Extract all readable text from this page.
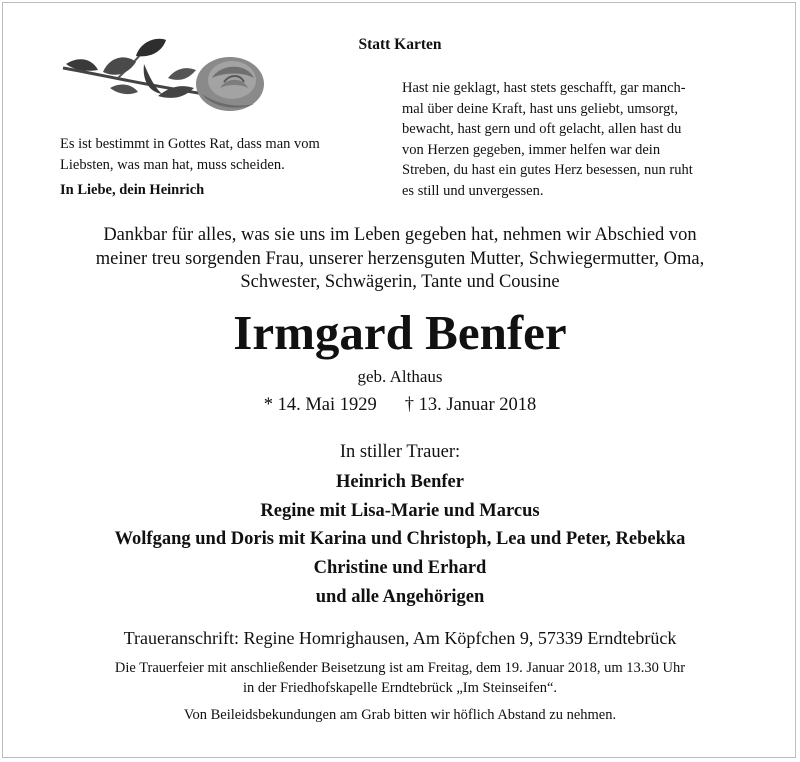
Statt Karten
Es ist bestimmt in Gottes Rat, dass man vom
Liebsten, was man hat, muss scheiden.
In Liebe, dein Heinrich
Hast nie geklagt, hast stets geschafft, gar manch-
mal über deine Kraft, hast uns geliebt, umsorgt,
bewacht, hast gern und oft gelacht, allen hast du
von Herzen gegeben, immer helfen war dein
Streben, du hast ein gutes Herz besessen, nun ruht
es still und unvergessen.
Dankbar für alles, was sie uns im Leben gegeben hat, nehmen wir Abschied von
meiner treu sorgenden Frau, unserer herzensguten Mutter, Schwiegermutter, Oma,
Schwester, Schwägerin, Tante und Cousine
Irmgard Benfer
geb. Althaus
* 14. Mai 1929 † 13. Januar 2018
In stiller Trauer:
Heinrich Benfer
Regine mit Lisa-Marie und Marcus
Wolfgang und Doris mit Karina und Christoph, Lea und Peter, Rebekka
Christine und Erhard
und alle Angehörigen
Traueranschrift: Regine Homrighausen, Am Köpfchen 9, 57339 Erndtebrück
Die Trauerfeier mit anschließender Beisetzung ist am Freitag, dem 19. Januar 2018, um 13.30 Uhr
in der Friedhofskapelle Erndtebrück „Im Steinseifen“.
Von Beileidsbekundungen am Grab bitten wir höflich Abstand zu nehmen.
